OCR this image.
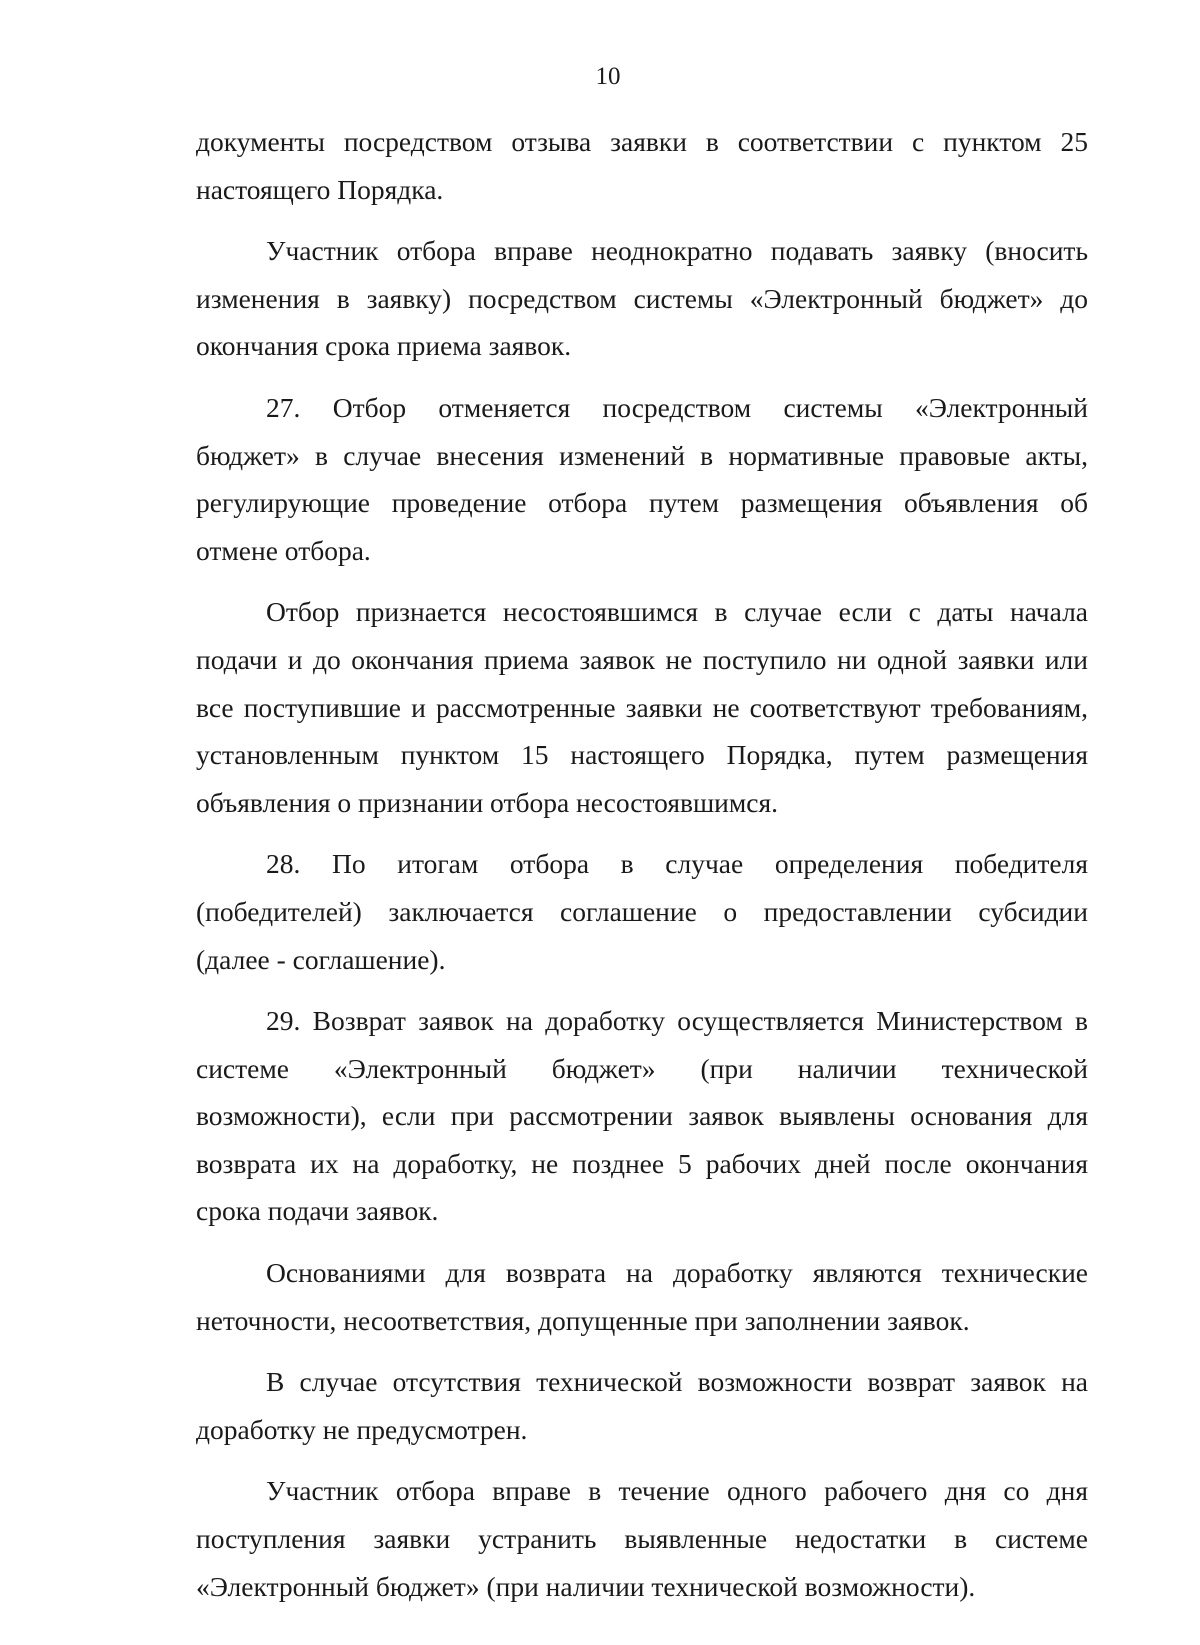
10

документы посредством отзыва заявки в соответствии с пунктом 25
настоящего Порядка.

Участник отбора вправе неоднократно подавать заявку (вносить
изменения в заявку) посредством системы «Электронный бюджет» до
окончания срока приема заявок.

27. Отбор отменяется посредством системы «Электронный
бюджет» в случае внесения изменений в нормативные правовые акты,
регулирующие проведение отбора путем размещения объявления об
отмене отбора.

Отбор признается несостоявшимся в случае если с даты начала
подачи и до окончания приема заявок не поступило ни одной заявки или
все поступившие и рассмотренные заявки не соответствуют требованиям,
установленным пунктом 15 настоящего Порядка, путем размещения
объявления о признании отбора несостоявшимся.

28. По итогам отбора в случае определения победителя
(победителей) заключается соглашение о предоставлении субсидии
(далее - соглашение).

29. Возврат заявок на доработку осуществляется Министерством в
системе «Электронный бюджет» (при наличии технической
возможности), если при рассмотрении заявок выявлены основания для
возврата их на доработку, не позднее 5 рабочих дней после окончания
срока подачи заявок.

Основаниями для возврата на доработку являются технические
неточности, несоответствия, допущенные при заполнении заявок.

В случае отсутствия технической возможности возврат заявок на
доработку не предусмотрен.

Участник отбора вправе в течение одного рабочего дня со дня
поступления заявки устранить выявленные недостатки в системе
«Электронный бюджет» (при наличии технической возможности).
